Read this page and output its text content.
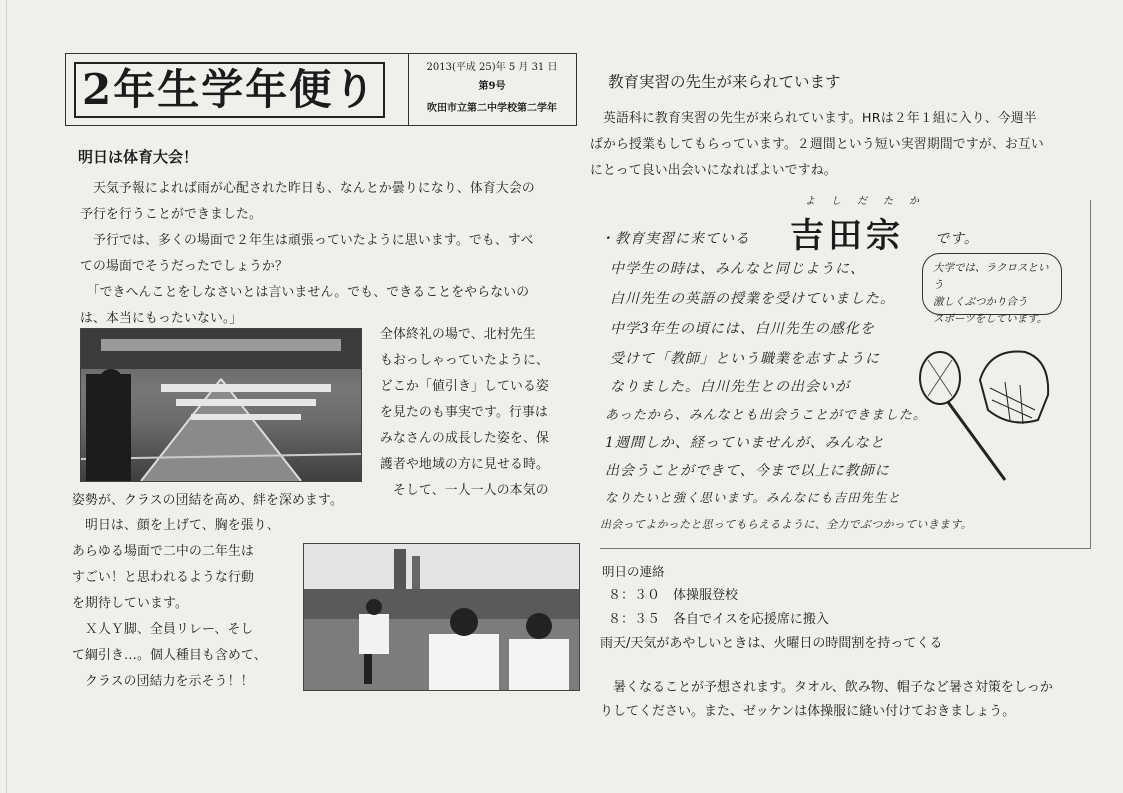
2年生学年便り	2013(平成 25)年 5 月 31 日
第9号
吹田市立第二中学校第二学年
明日は体育大会！

　天気予報によれば雨が心配された昨日も、なんとか曇りになり、体育大会の

予行を行うことができました。

　予行では、多くの場面で２年生は頑張っていたように思います。でも、すべ

ての場面でそうだったでしょうか？

　「できへんことをしなさいとは言いません。でも、できることをやらないの

は、本当にもったいない。」

全体終礼の場で、北村先生

もおっしゃっていたように、

どこか「値引き」している姿

を見たのも事実です。行事は

みなさんの成長した姿を、保

護者や地域の方に見せる時。

　そして、一人一人の本気の

姿勢が、クラスの団結を高め、絆を深めます。

　明日は、顔を上げて、胸を張り、

あらゆる場面で二中の二年生は

すごい！と思われるような行動

を期待しています。

　Ｘ人Ｙ脚、全員リレー、そし

て綱引き…。個人種目も含めて、

　クラスの団結力を示そう！！

教育実習の先生が来られています

　英語科に教育実習の先生が来られています。HRは２年１組に入り、今週半

ばから授業もしてもらっています。２週間という短い実習期間ですが、お互い

にとって良い出会いになればよいですね。

・教育実習に来ている
よしだたか
吉田宗 です。
大学では、ラクロスという
激しくぶつかり合う
スポーツをしています。
中学生の時は、みんなと同じように、
白川先生の英語の授業を受けていました。
中学3年生の頃には、白川先生の感化を
受けて「教師」という職業を志すように
なりました。白川先生との出会いが
あったから、みんなとも出会うことができました。
1週間しか、経っていませんが、みんなと
出会うことができて、今まで以上に教師に
なりたいと強く思います。みんなにも吉田先生と
出会ってよかったと思ってもらえるように、全力でぶつかっていきます。
明日の連絡
８：３０　体操服登校
８：３５　各自でイスを応援席に搬入
雨天/天気があやしいときは、火曜日の時間割を持ってくる
　暑くなることが予想されます。タオル、飲み物、帽子など暑さ対策をしっか
りしてください。また、ゼッケンは体操服に縫い付けておきましょう。
